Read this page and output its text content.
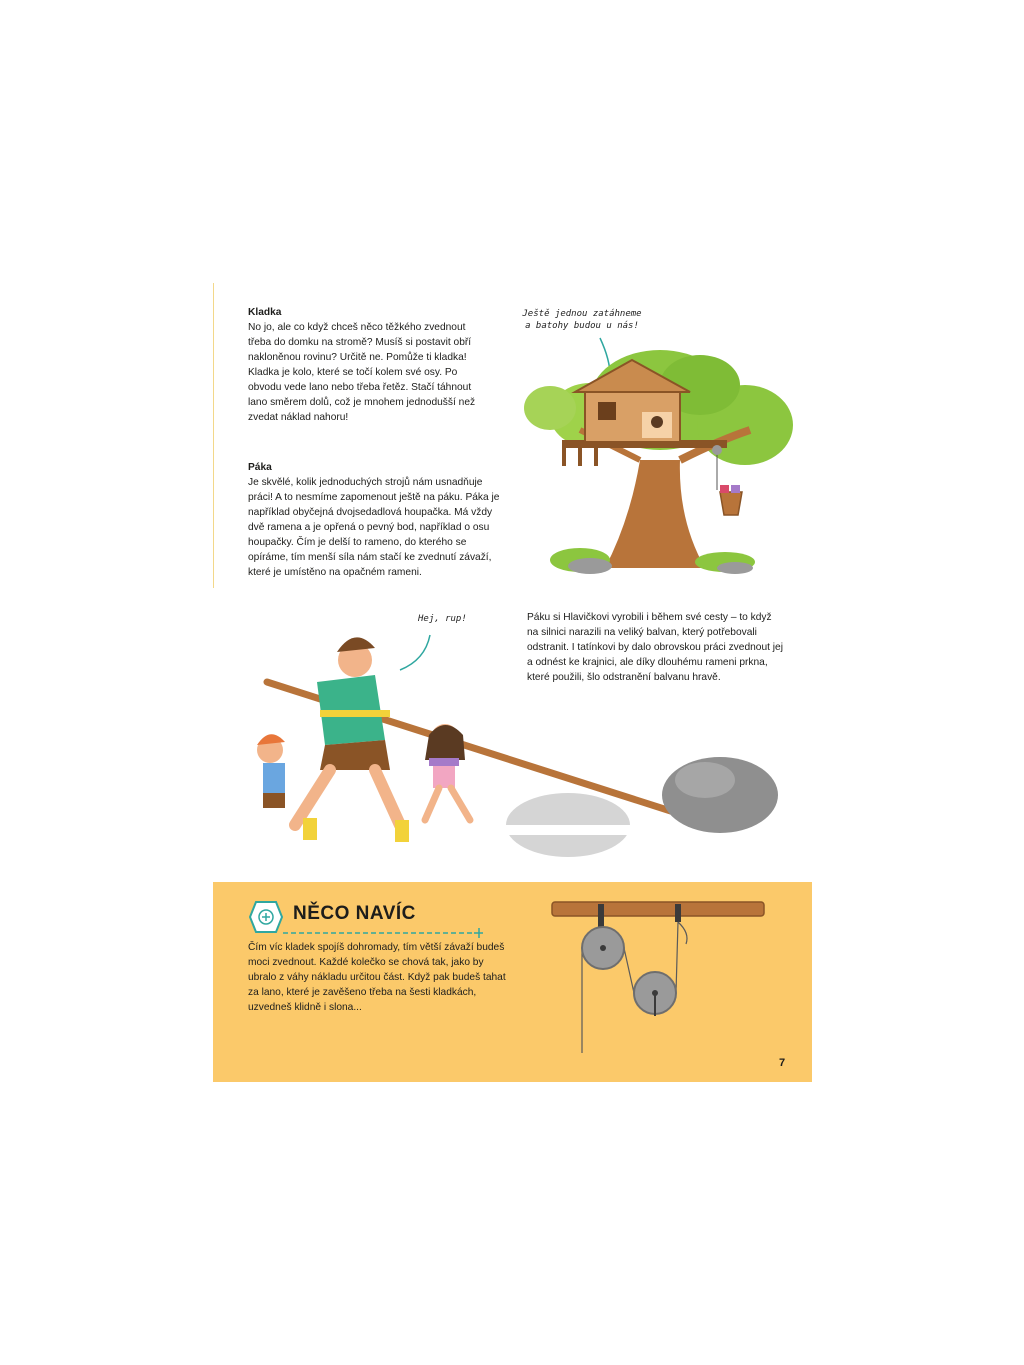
Kladka

No jo, ale co když chceš něco těžkého zvednout třeba do domku na stromě? Musíš si postavit obří nakloněnou rovinu? Určitě ne. Pomůže ti kladka! Kladka je kolo, které se točí kolem své osy. Po obvodu vede lano nebo třeba řetěz. Stačí táhnout lano směrem dolů, což je mnohem jednodušší než zvedat náklad nahoru!

Páka

Je skvělé, kolik jednoduchých strojů nám usnadňuje práci! A to nesmíme zapomenout ještě na páku. Páka je například obyčejná dvojsedadlová houpačka. Má vždy dvě ramena a je opřená o pevný bod, například o osu houpačky. Čím je delší to rameno, do kterého se opíráme, tím menší síla nám stačí ke zvednutí závaží, které je umístěno na opačném rameni.

Páku si Hlavičkovi vyrobili i během své cesty – to když na silnici narazili na veliký balvan, který potřebovali odstranit. I tatínkovi by dalo obrovskou práci zvednout jej a odnést ke krajnici, ale díky dlouhému rameni prkna, které použili, šlo odstranění balvanu hravě.

Ještě jednou zatáhneme
a batohy budou u nás!
Hej, rup!
NĚCO NAVÍC
Čím víc kladek spojíš dohromady, tím větší závaží budeš moci zvednout. Každé kolečko se chová tak, jako by ubralo z váhy nákladu určitou část. Když pak budeš tahat za lano, které je zavěšeno třeba na šesti kladkách, uzvedneš klidně i slona...
7
